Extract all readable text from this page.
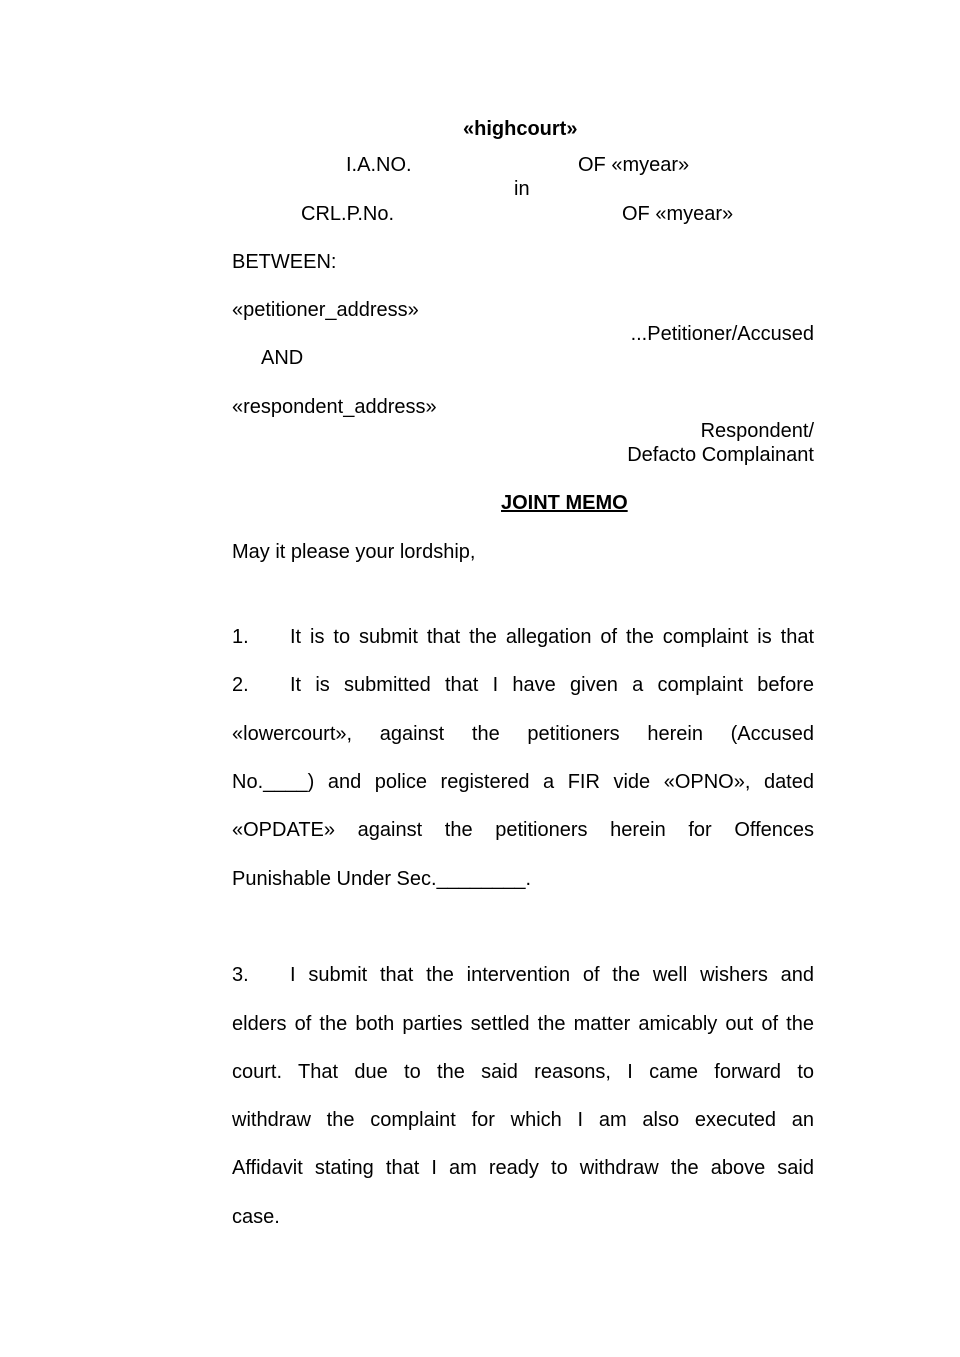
«highcourt»
I.A.NO.	OF «myear»
in
CRL.P.No.	OF «myear»
BETWEEN:
«petitioner_address»
...Petitioner/Accused
AND
«respondent_address»
Respondent/
Defacto Complainant
JOINT MEMO
May it please your lordship,
1. It is to submit that the allegation of the complaint is that
2. It is submitted that I have given a complaint before
«lowercourt», against the petitioners herein (Accused
No.____) and police registered a FIR vide «OPNO», dated
«OPDATE» against the petitioners herein for Offences
Punishable Under Sec.________.
3. I submit that the intervention of the well wishers and
elders of the both parties settled the matter amicably out of the
court. That due to the said reasons, I came forward to
withdraw the complaint for which I am also executed an
Affidavit stating that I am ready to withdraw the above said
case.
